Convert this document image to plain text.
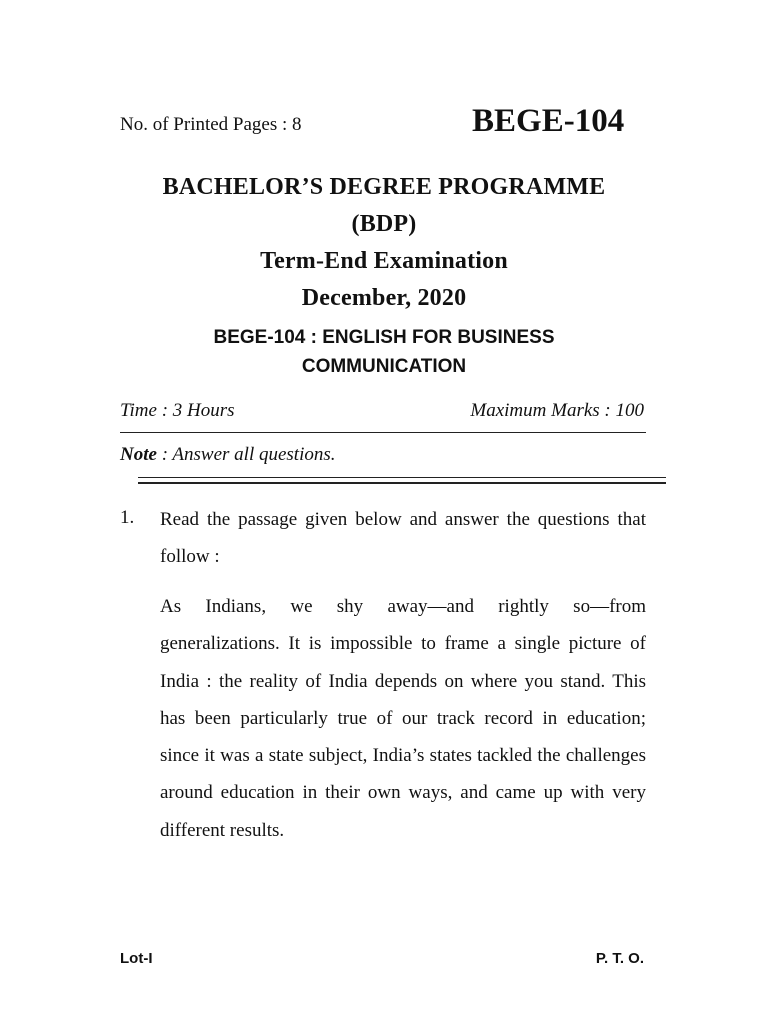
No. of Printed Pages : 8	BEGE-104
BACHELOR’S DEGREE PROGRAMME
(BDP)
Term-End Examination
December, 2020
BEGE-104 : ENGLISH FOR BUSINESS
COMMUNICATION
Time : 3 Hours	Maximum Marks : 100
Note : Answer all questions.
1. Read the passage given below and answer the questions that follow :
As Indians, we shy away—and rightly so—from generalizations. It is impossible to frame a single picture of India : the reality of India depends on where you stand. This has been particularly true of our track record in education; since it was a state subject, India’s states tackled the challenges around education in their own ways, and came up with very different results.
Lot-I	P. T. O.
